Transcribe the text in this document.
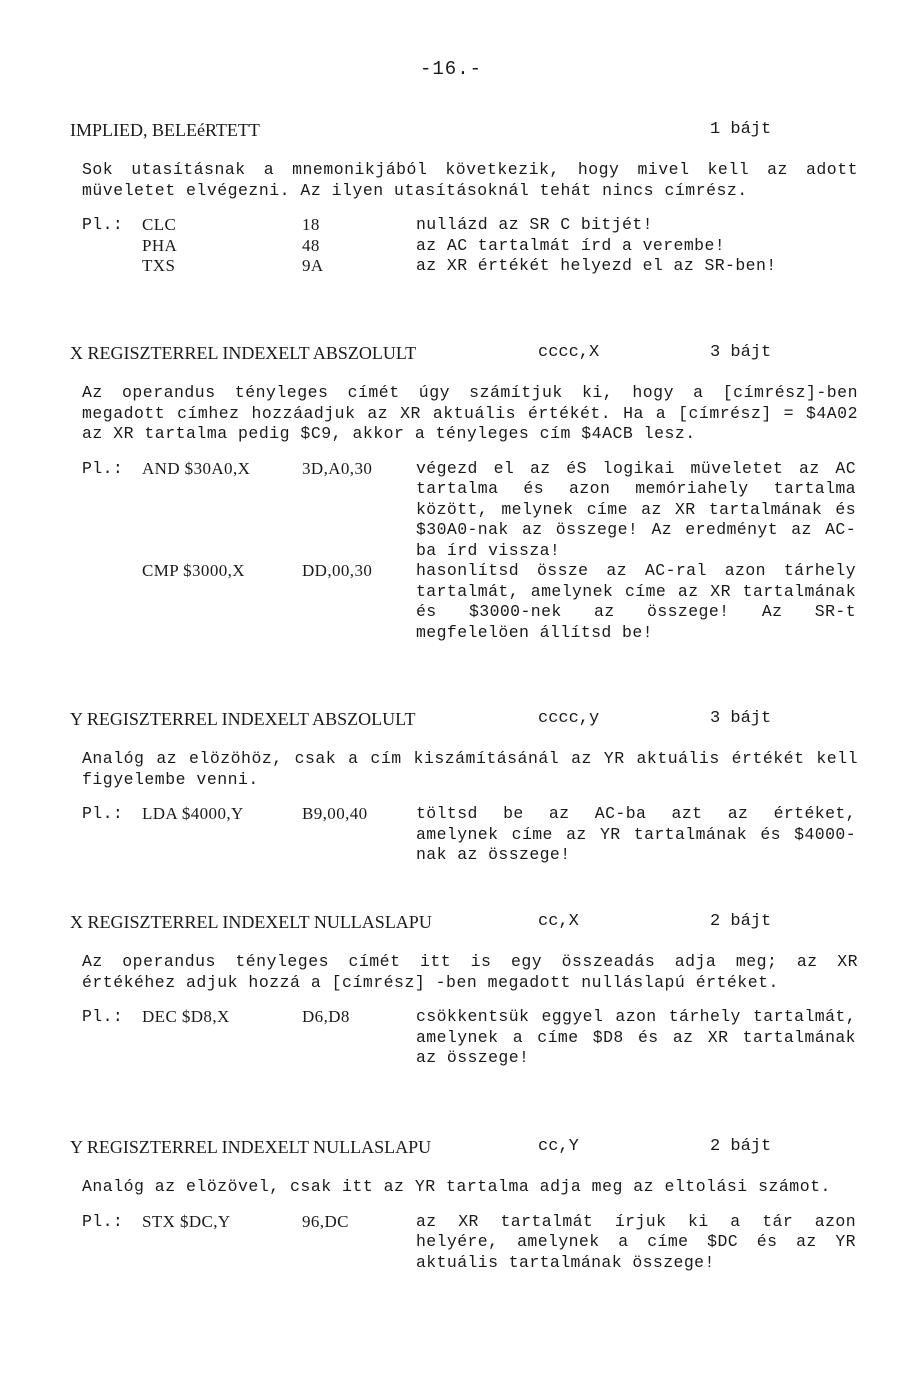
-16.-
IMPLIED, BELEéRTETT	1 bájt
Sok utasításnak a mnemonikjából következik, hogy mivel kell az adott müveletet elvégezni. Az ilyen utasításoknál tehát nincs címrész.
Pl.: CLC	18	nullázd az SR C bitjét!
PHA	48	az AC tartalmát írd a verembe!
TXS	9A	az XR értékét helyezd el az SR-ben!
X REGISZTERREL INDEXELT ABSZOLULT	cccc,X	3 bájt
Az operandus tényleges címét úgy számítjuk ki, hogy a [címrész]-ben megadott címhez hozzáadjuk az XR aktuális értékét. Ha a [címrész] = $4A02 az XR tartalma pedig $C9, akkor a tényleges cím $4ACB lesz.
Pl.: AND $30A0,X	3D,A0,30	végezd el az éS logikai müveletet az AC tartalma és azon memóriahely tartalma között, melynek címe az XR tartalmának és $30A0-nak az összege! Az eredményt az AC-ba írd vissza!
CMP $3000,X	DD,00,30	hasonlítsd össze az AC-ral azon tárhely tartalmát, amelynek címe az XR tartalmának és $3000-nek az összege! Az SR-t megfelelöen állítsd be!
Y REGISZTERREL INDEXELT ABSZOLULT	cccc,y	3 bájt
Analóg az elözöhöz, csak a cím kiszámításánál az YR aktuális értékét kell figyelembe venni.
Pl.: LDA $4000,Y	B9,00,40	töltsd be az AC-ba azt az értéket, amelynek címe az YR tartalmának és $4000-nak az összege!
X REGISZTERREL INDEXELT NULLASLAPU	cc,X	2 bájt
Az operandus tényleges címét itt is egy összeadás adja meg; az XR értékéhez adjuk hozzá a [címrész] -ben megadott nulláslapú értéket.
Pl.: DEC $D8,X	D6,D8	csökkentsük eggyel azon tárhely tartalmát, amelynek a címe $D8 és az XR tartalmának az összege!
Y REGISZTERREL INDEXELT NULLASLAPU	cc,Y	2 bájt
Analóg az elözövel, csak itt az YR tartalma adja meg az eltolási számot.
Pl.: STX $DC,Y	96,DC	az XR tartalmát írjuk ki a tár azon helyére, amelynek a címe $DC és az YR aktuális tartalmának összege!
